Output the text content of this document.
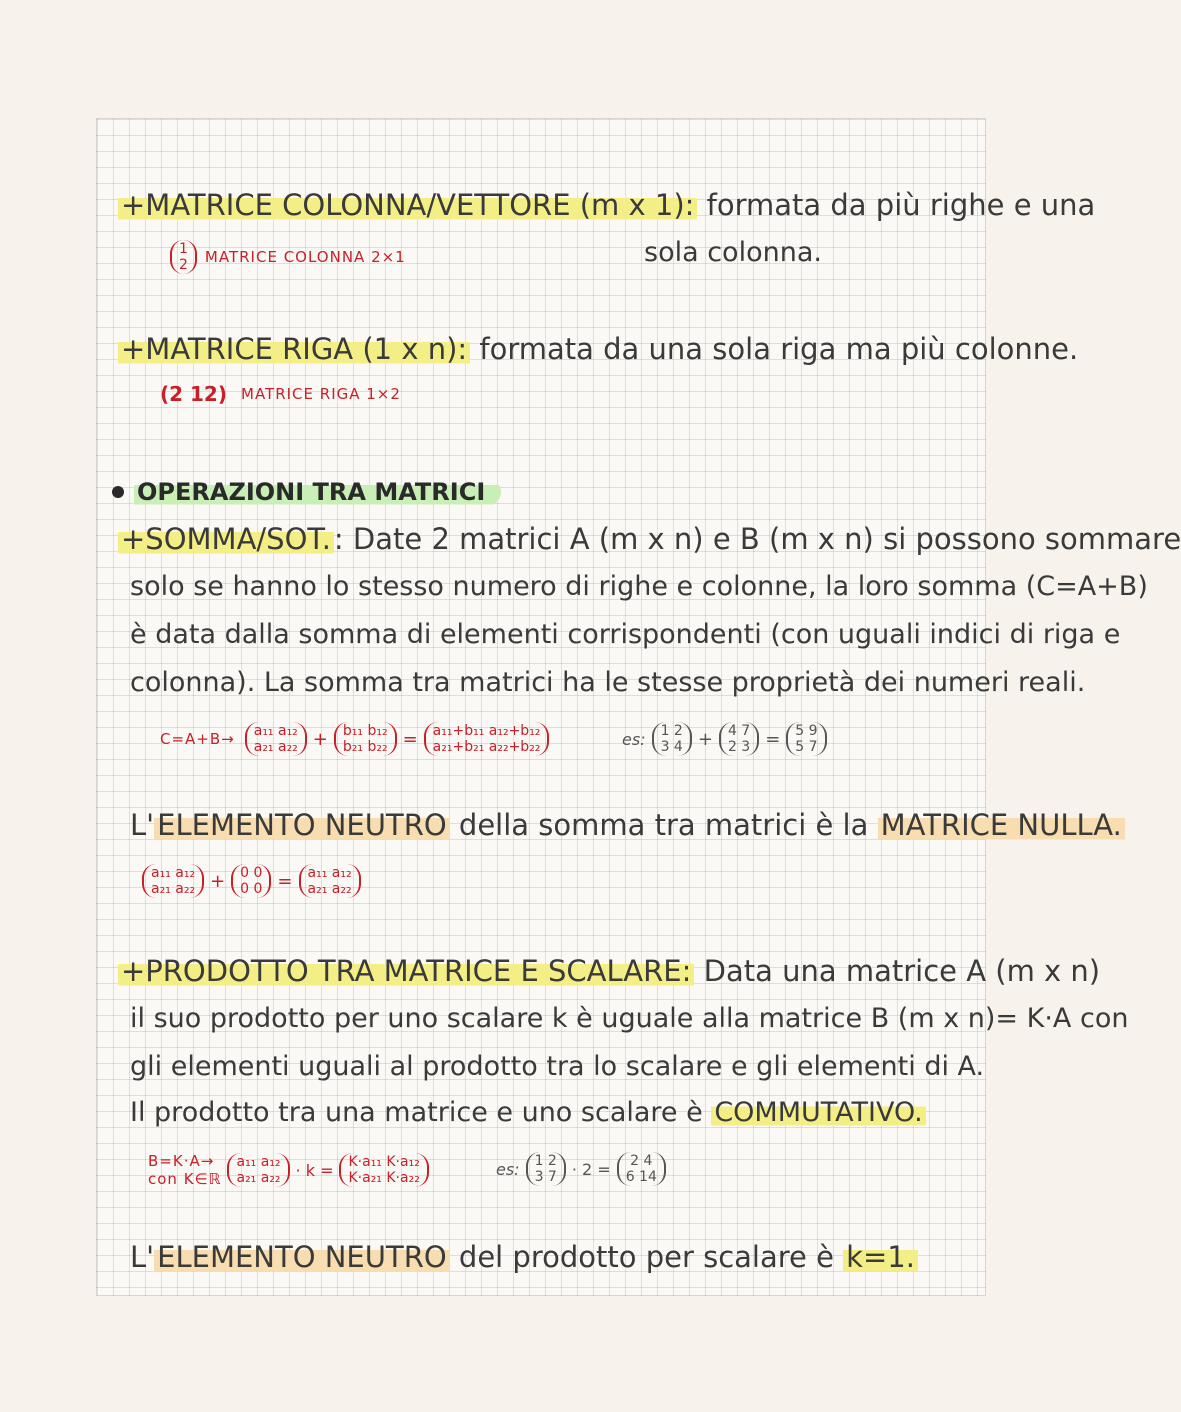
+MATRICE COLONNA/VETTORE (m x 1): formata da più righe e una
sola colonna.
1
2 MATRICE COLONNA 2×1
+MATRICE RIGA (1 x n): formata da una sola riga ma più colonne.
(2 12) MATRICE RIGA 1×2
OPERAZIONI TRA MATRICI
+SOMMA/SOT. : Date 2 matrici A (m x n) e B (m x n) si possono sommare
solo se hanno lo stesso numero di righe e colonne, la loro somma (C=A+B)
è data dalla somma di elementi corrispondenti (con uguali indici di riga e
colonna). La somma tra matrici ha le stesse proprietà dei numeri reali.
C=A+B→ a₁₁ a₁₂
a₂₁ a₂₂ +	b₁₁ b₁₂
b₂₁ b₂₂ =	a₁₁+b₁₁ a₁₂+b₁₂
a₂₁+b₂₁ a₂₂+b₂₂	es: 1 2
3 4 +	4 7
2 3 =	5 9
5 7
L' ELEMENTO NEUTRO della somma tra matrici è la MATRICE NULLA.
a₁₁ a₁₂
a₂₁ a₂₂ +	0 0
0 0 =	a₁₁ a₁₂
a₂₁ a₂₂
+PRODOTTO TRA MATRICE E SCALARE: Data una matrice A (m x n)
il suo prodotto per uno scalare k è uguale alla matrice B (m x n)= K·A con
gli elementi uguali al prodotto tra lo scalare e gli elementi di A.
Il prodotto tra una matrice e uno scalare è COMMUTATIVO.
B=K·A→
con K∈ℝ
a₁₁ a₁₂
a₂₁ a₂₂ · k =	K·a₁₁ K·a₁₂
K·a₂₁ K·a₂₂	es: 1 2
3 7 · 2 =	2 4
6 14
L' ELEMENTO NEUTRO del prodotto per scalare è k=1.
